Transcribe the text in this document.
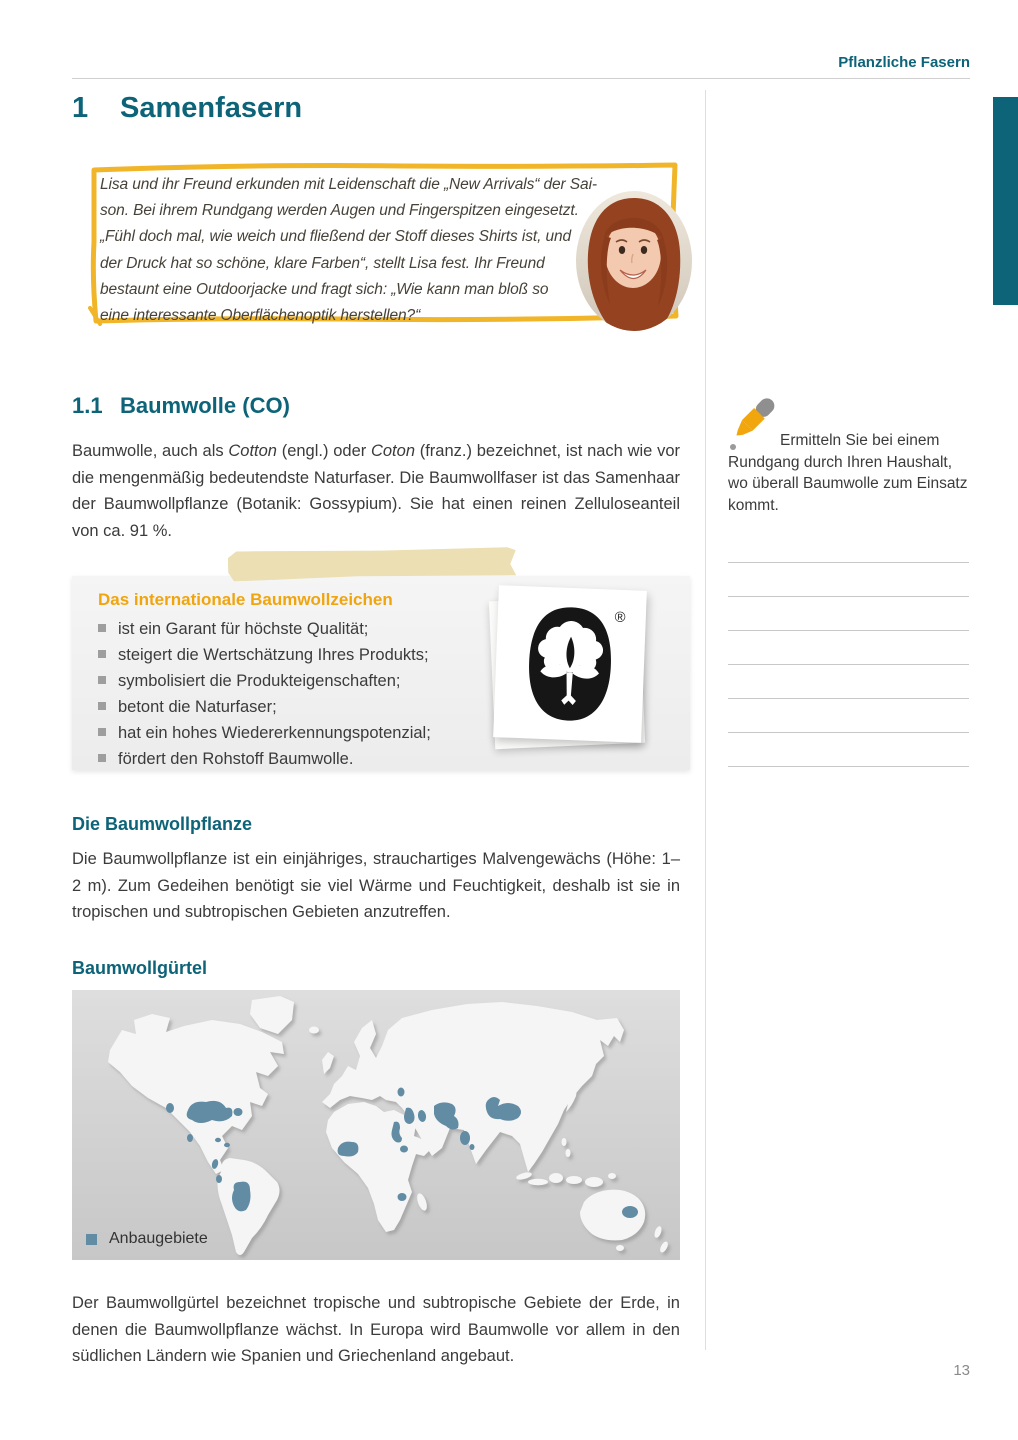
Pflanzliche Fasern
1	Samenfasern
Lisa und ihr Freund erkunden mit Leidenschaft die „New Arrivals“ der Sai-
son. Bei ihrem Rundgang werden Augen und Fingerspitzen eingesetzt.
„Fühl doch mal, wie weich und fließend der Stoff dieses Shirts ist, und
der Druck hat so schöne, klare Farben“, stellt Lisa fest. Ihr Freund
bestaunt eine Outdoorjacke und fragt sich: „Wie kann man bloß so
eine interessante Oberflächenoptik herstellen?“
1.1 Baumwolle (CO)

Baumwolle, auch als Cotton (engl.) oder Coton (franz.) bezeichnet, ist nach wie vor die mengenmäßig bedeutendste Naturfaser. Die Baumwollfaser ist das Samenhaar der Baumwollpflanze (Botanik: Gossypium). Sie hat einen reinen Zelluloseanteil von ca. 91 %.

Das internationale Baumwollzeichen
ist ein Garant für höchste Qualität;
steigert die Wertschätzung Ihres Produkts;
symbolisiert die Produkteigenschaften;
betont die Naturfaser;
hat ein hohes Wiedererkennungspotenzial;
fördert den Rohstoff Baumwolle.
®
Die Baumwollpflanze

Die Baumwollpflanze ist ein einjähriges, strauchartiges Malvengewächs (Höhe: 1–2 m). Zum Gedeihen benötigt sie viel Wärme und Feuchtigkeit, deshalb ist sie in tropischen und subtropischen Gebieten anzutreffen.

Baumwollgürtel
Anbaugebiete

Der Baumwollgürtel bezeichnet tropische und subtropische Gebiete der Erde, in denen die Baumwollpflanze wächst. In Europa wird Baumwolle vor allem in den südlichen Ländern wie Spanien und Griechenland angebaut.

Ermitteln Sie bei einem Rundgang durch Ihren Haushalt, wo überall Baumwolle zum Einsatz kommt.

13
